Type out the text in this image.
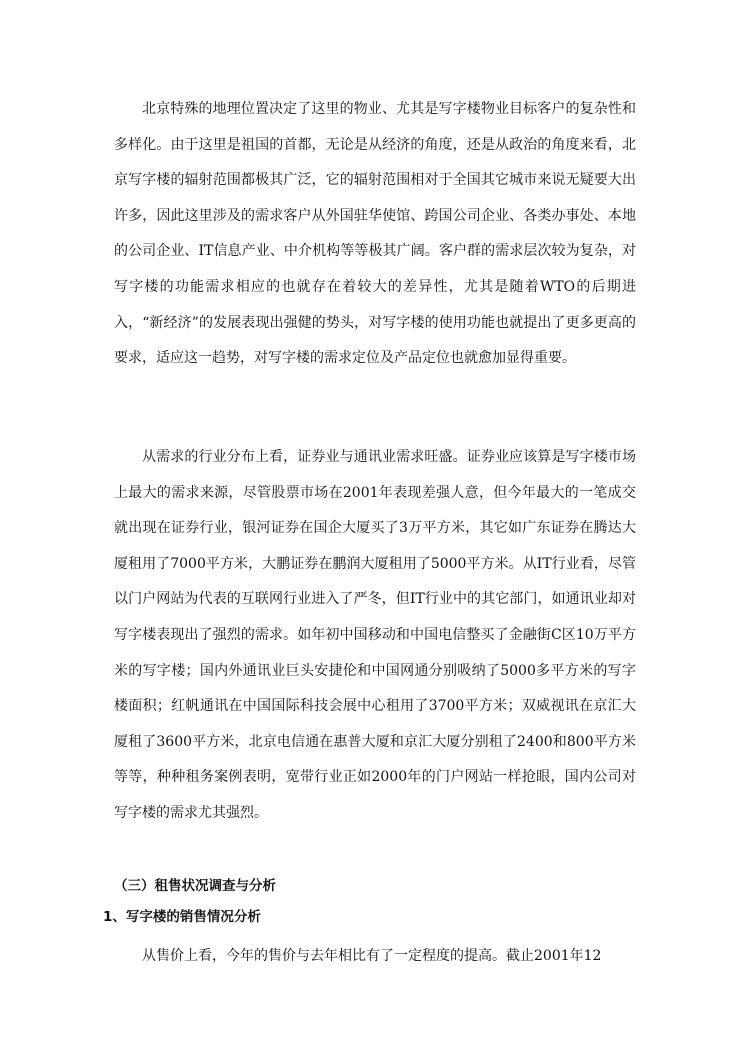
北京特殊的地理位置决定了这里的物业、尤其是写字楼物业目标客户的复杂性和多样化。由于这里是祖国的首都，无论是从经济的角度，还是从政治的角度来看，北京写字楼的辐射范围都极其广泛，它的辐射范围相对于全国其它城市来说无疑要大出许多，因此这里涉及的需求客户从外国驻华使馆、跨国公司企业、各类办事处、本地的公司企业、IT信息产业、中介机构等等极其广阔。客户群的需求层次较为复杂，对写字楼的功能需求相应的也就存在着较大的差异性，尤其是随着WTO的后期进入，“新经济”的发展表现出强健的势头，对写字楼的使用功能也就提出了更多更高的要求，适应这一趋势，对写字楼的需求定位及产品定位也就愈加显得重要。

从需求的行业分布上看，证券业与通讯业需求旺盛。证券业应该算是写字楼市场上最大的需求来源，尽管股票市场在2001年表现差强人意，但今年最大的一笔成交就出现在证券行业，银河证券在国企大厦买了3万平方米，其它如广东证券在腾达大厦租用了7000平方米，大鹏证券在鹏润大厦租用了5000平方米。从IT行业看，尽管以门户网站为代表的互联网行业进入了严冬，但IT行业中的其它部门，如通讯业却对写字楼表现出了强烈的需求。如年初中国移动和中国电信整买了金融街C区10万平方米的写字楼；国内外通讯业巨头安捷伦和中国网通分别吸纳了5000多平方米的写字楼面积；红帆通讯在中国国际科技会展中心租用了3700平方米；双威视讯在京汇大厦租了3600平方米，北京电信通在惠普大厦和京汇大厦分别租了2400和800平方米等等，种种租务案例表明，宽带行业正如2000年的门户网站一样抢眼，国内公司对写字楼的需求尤其强烈。

（三）租售状况调查与分析
1、写字楼的销售情况分析

从售价上看，今年的售价与去年相比有了一定程度的提高。截止2001年12
